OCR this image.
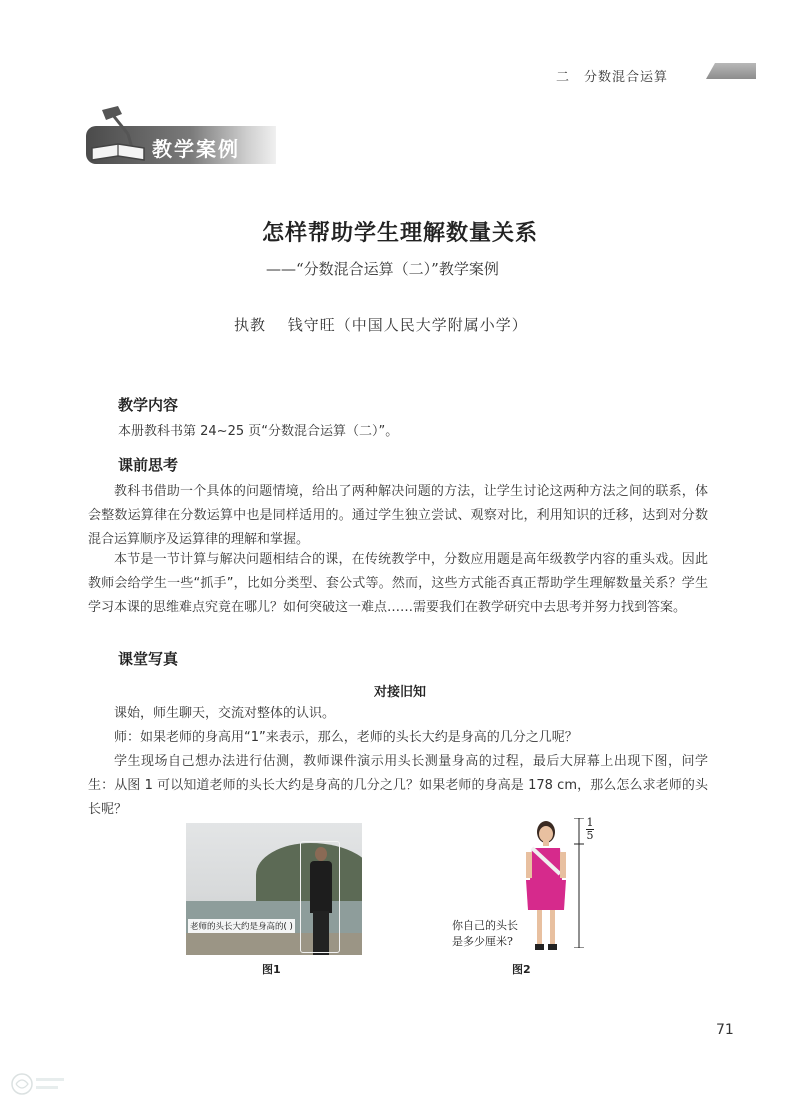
二　分数混合运算
教学案例
怎样帮助学生理解数量关系
——“分数混合运算（二）”教学案例
执教　 钱守旺（中国人民大学附属小学）
教学内容

本册教科书第 24~25 页“分数混合运算（二）”。

课前思考

教科书借助一个具体的问题情境，给出了两种解决问题的方法，让学生讨论这两种方法之间的联系，体会整数运算律在分数运算中也是同样适用的。通过学生独立尝试、观察对比，利用知识的迁移，达到对分数混合运算顺序及运算律的理解和掌握。

本节是一节计算与解决问题相结合的课，在传统教学中，分数应用题是高年级教学内容的重头戏。因此教师会给学生一些“抓手”，比如分类型、套公式等。然而，这些方式能否真正帮助学生理解数量关系？学生学习本课的思维难点究竟在哪儿？如何突破这一难点……需要我们在教学研究中去思考并努力找到答案。

课堂写真
对接旧知

课始，师生聊天，交流对整体的认识。

师：如果老师的身高用“1”来表示，那么，老师的头长大约是身高的几分之几呢？

学生现场自己想办法进行估测，教师课件演示用头长测量身高的过程，最后大屏幕上出现下图，问学生：从图 1 可以知道老师的头长大约是身高的几分之几？如果老师的身高是 178 cm，那么怎么求老师的头长呢？

老师的头长大约是身高的( )
图1
1
5
你自己的头长
是多少厘米?
图2
71
